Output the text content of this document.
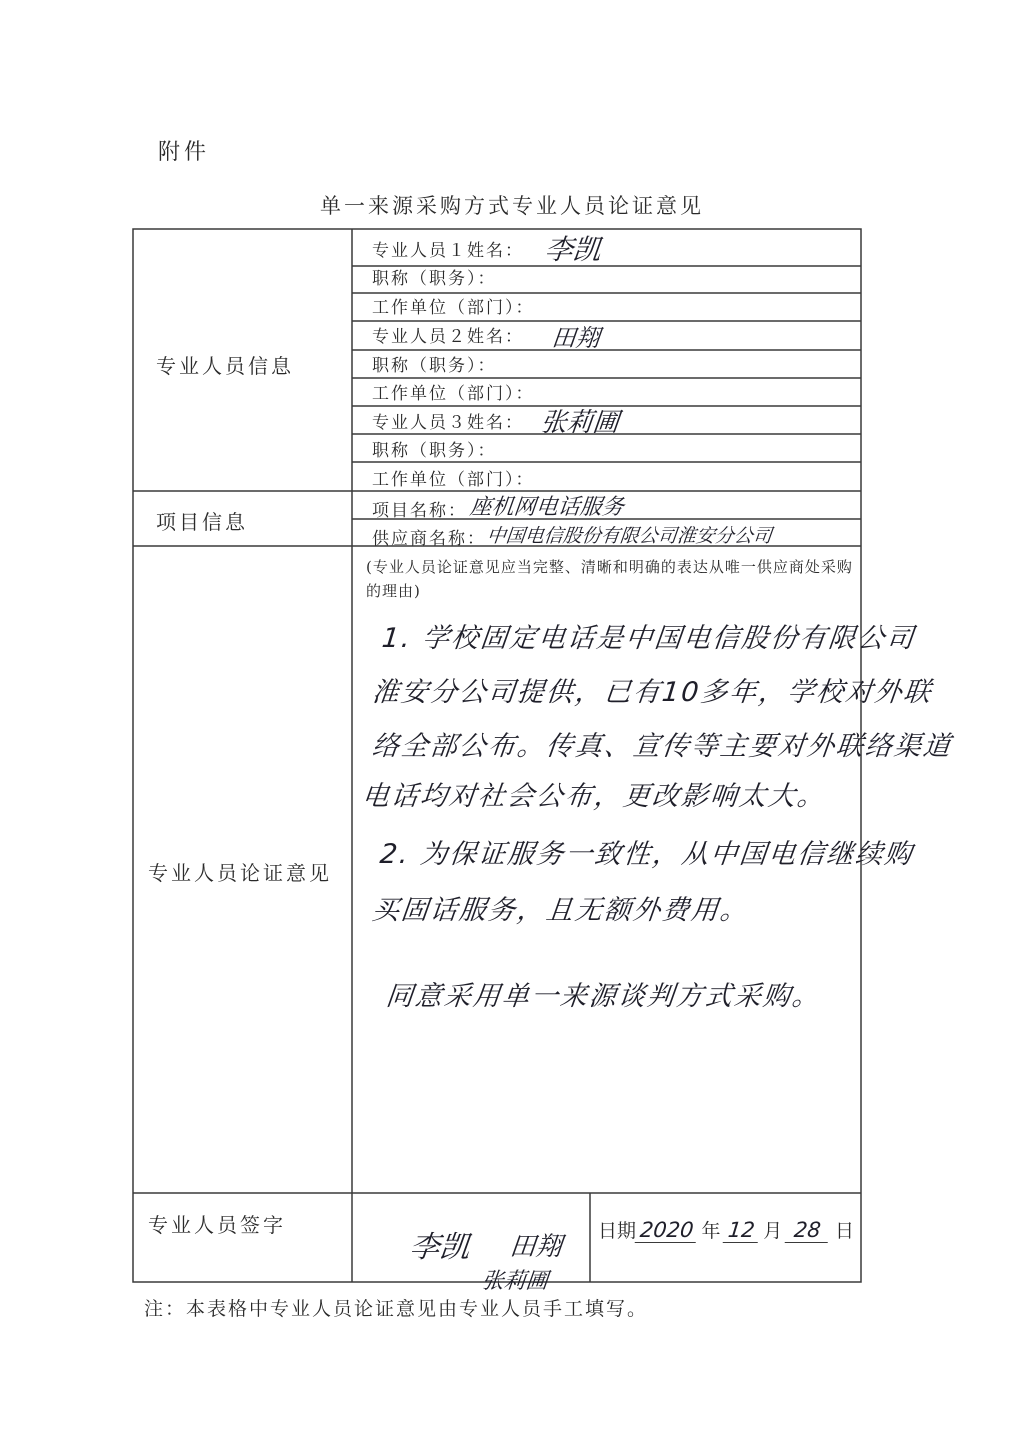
附件
单一来源采购方式专业人员论证意见
专业人员信息
专业人员１姓名： 李凯
职称（职务）：
工作单位（部门）：
专业人员２姓名： 田翔
职称（职务）：
工作单位（部门）：
专业人员３姓名： 张莉圃
职称（职务）：
工作单位（部门）：
项目信息	项目名称： 座机网电话服务
供应商名称： 中国电信股份有限公司淮安分公司
专业人员论证意见
(专业人员论证意见应当完整、清晰和明确的表达从唯一供应商处采购的理由)
1. 学校固定电话是中国电信股份有限公司
淮安分公司提供，已有10多年，学校对外联
络全部公布。传真、宣传等主要对外联络渠道
电话均对社会公布，更改影响太大。
2. 为保证服务一致性，从中国电信继续购
买固话服务，且无额外费用。
同意采用单一来源谈判方式采购。
专业人员签字
李凯 田翔
张莉圃
日期 2020 年 12 月 28 日
注：本表格中专业人员论证意见由专业人员手工填写。
